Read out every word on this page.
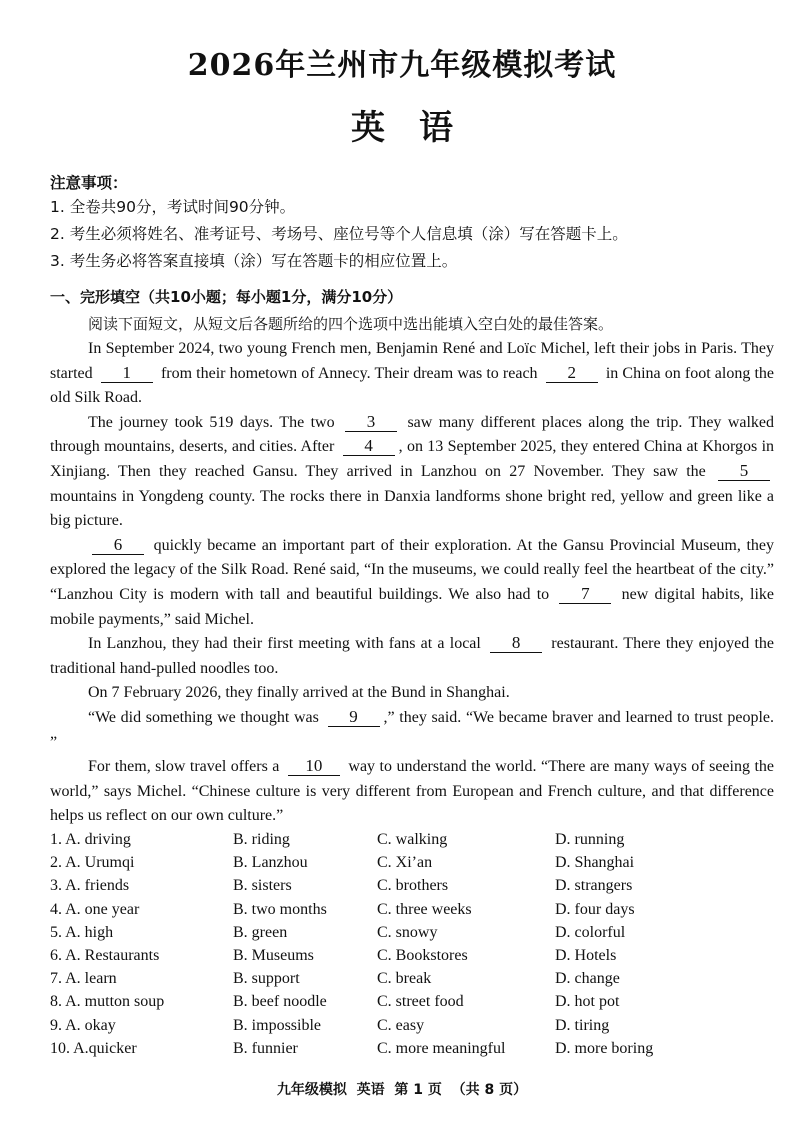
2026年兰州市九年级模拟考试
英语
注意事项：
1. 全卷共90分，考试时间90分钟。
2. 考生必须将姓名、准考证号、考场号、座位号等个人信息填（涂）写在答题卡上。
3. 考生务必将答案直接填（涂）写在答题卡的相应位置上。
一、完形填空（共10小题；每小题1分，满分10分）
阅读下面短文，从短文后各题所给的四个选项中选出能填入空白处的最佳答案。

In September 2024, two young French men, Benjamin René and Loïc Michel, left their jobs in Paris. They started 1 from their hometown of Annecy. Their dream was to reach 2 in China on foot along the old Silk Road.

The journey took 519 days. The two 3 saw many different places along the trip. They walked through mountains, deserts, and cities. After 4 , on 13 September 2025, they entered China at Khorgos in Xinjiang. Then they reached Gansu. They arrived in Lanzhou on 27 November. They saw the 5 mountains in Yongdeng county. The rocks there in Danxia landforms shone bright red, yellow and green like a big picture.

6 quickly became an important part of their exploration. At the Gansu Provincial Museum, they explored the legacy of the Silk Road. René said, “In the museums, we could really feel the heartbeat of the city.” “Lanzhou City is modern with tall and beautiful buildings. We also had to 7 new digital habits, like mobile payments,” said Michel.

In Lanzhou, they had their first meeting with fans at a local 8 restaurant. There they enjoyed the traditional hand-pulled noodles too.

On 7 February 2026, they finally arrived at the Bund in Shanghai.

“We did something we thought was 9 ,” they said. “We became braver and learned to trust people. ”

For them, slow travel offers a 10 way to understand the world. “There are many ways of seeing the world,” says Michel. “Chinese culture is very different from European and French culture, and that difference helps us reflect on our own culture.”

1. A. driving	B. riding	C. walking	D. running
2. A. Urumqi	B. Lanzhou	C. Xi’an	D. Shanghai
3. A. friends	B. sisters	C. brothers	D. strangers
4. A. one year	B. two months	C. three weeks	D. four days
5. A. high	B. green	C. snowy	D. colorful
6. A. Restaurants	B. Museums	C. Bookstores	D. Hotels
7. A. learn	B. support	C. break	D. change
8. A. mutton soup	B. beef noodle	C. street food	D. hot pot
9. A. okay	B. impossible	C. easy	D. tiring
10. A.quicker	B. funnier	C. more meaningful	D. more boring
九年级模拟  英语  第 1 页  （共 8 页）
